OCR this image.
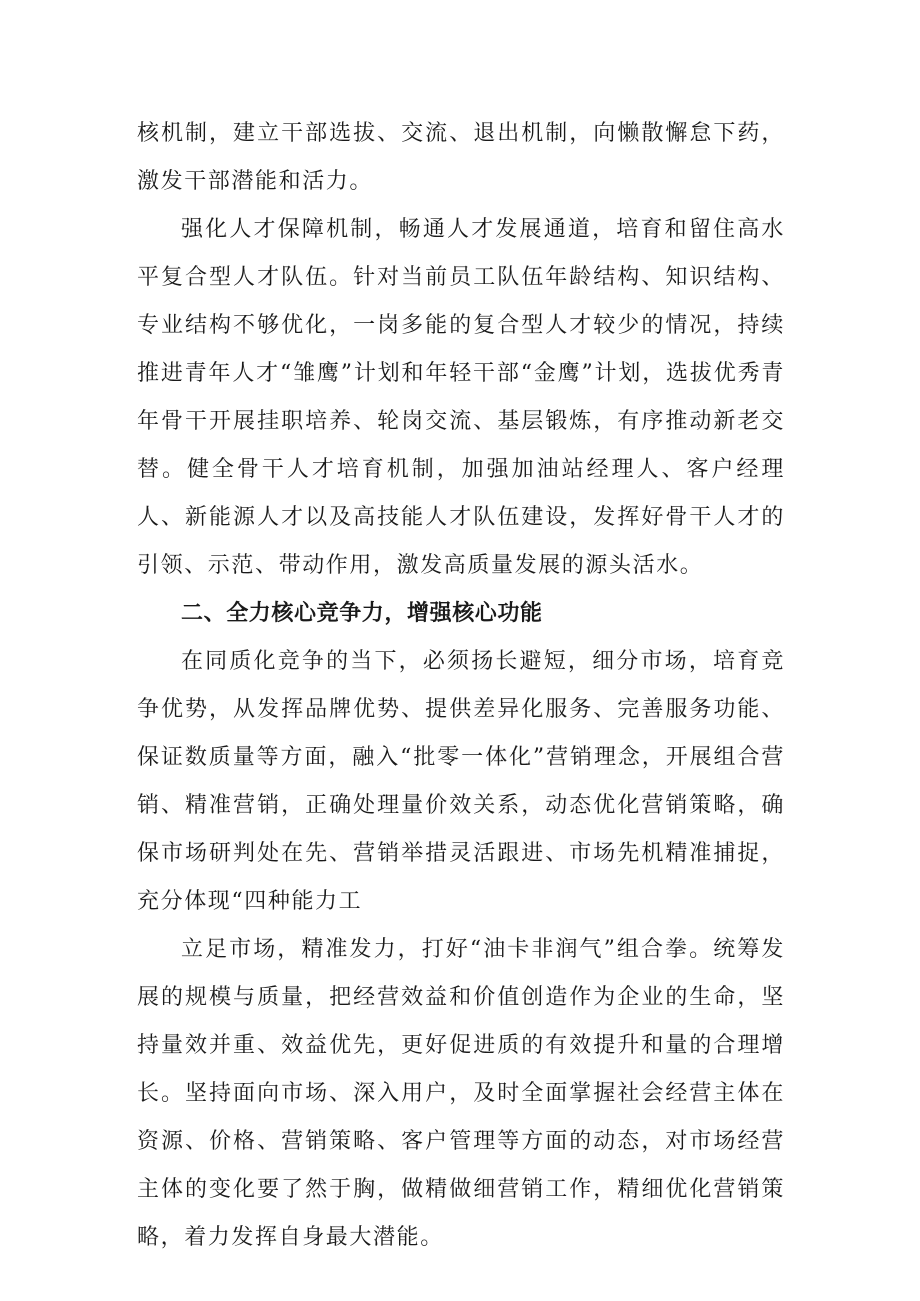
核机制，建立干部选拔、交流、退出机制，向懒散懈怠下药，激发干部潜能和活力。

强化人才保障机制，畅通人才发展通道，培育和留住高水平复合型人才队伍。针对当前员工队伍年龄结构、知识结构、专业结构不够优化，一岗多能的复合型人才较少的情况，持续推进青年人才“雏鹰”计划和年轻干部“金鹰”计划，选拔优秀青年骨干开展挂职培养、轮岗交流、基层锻炼，有序推动新老交替。健全骨干人才培育机制，加强加油站经理人、客户经理人、新能源人才以及高技能人才队伍建设，发挥好骨干人才的引领、示范、带动作用，激发高质量发展的源头活水。

二、全力核心竞争力，增强核心功能

在同质化竞争的当下，必须扬长避短，细分市场，培育竞争优势，从发挥品牌优势、提供差异化服务、完善服务功能、保证数质量等方面，融入“批零一体化”营销理念，开展组合营销、精准营销，正确处理量价效关系，动态优化营销策略，确保市场研判处在先、营销举措灵活跟进、市场先机精准捕捉，充分体现“四种能力工

立足市场，精准发力，打好“油卡非润气”组合拳。统筹发展的规模与质量，把经营效益和价值创造作为企业的生命，坚持量效并重、效益优先，更好促进质的有效提升和量的合理增长。坚持面向市场、深入用户，及时全面掌握社会经营主体在资源、价格、营销策略、客户管理等方面的动态，对市场经营主体的变化要了然于胸，做精做细营销工作，精细优化营销策略，着力发挥自身最大潜能。
